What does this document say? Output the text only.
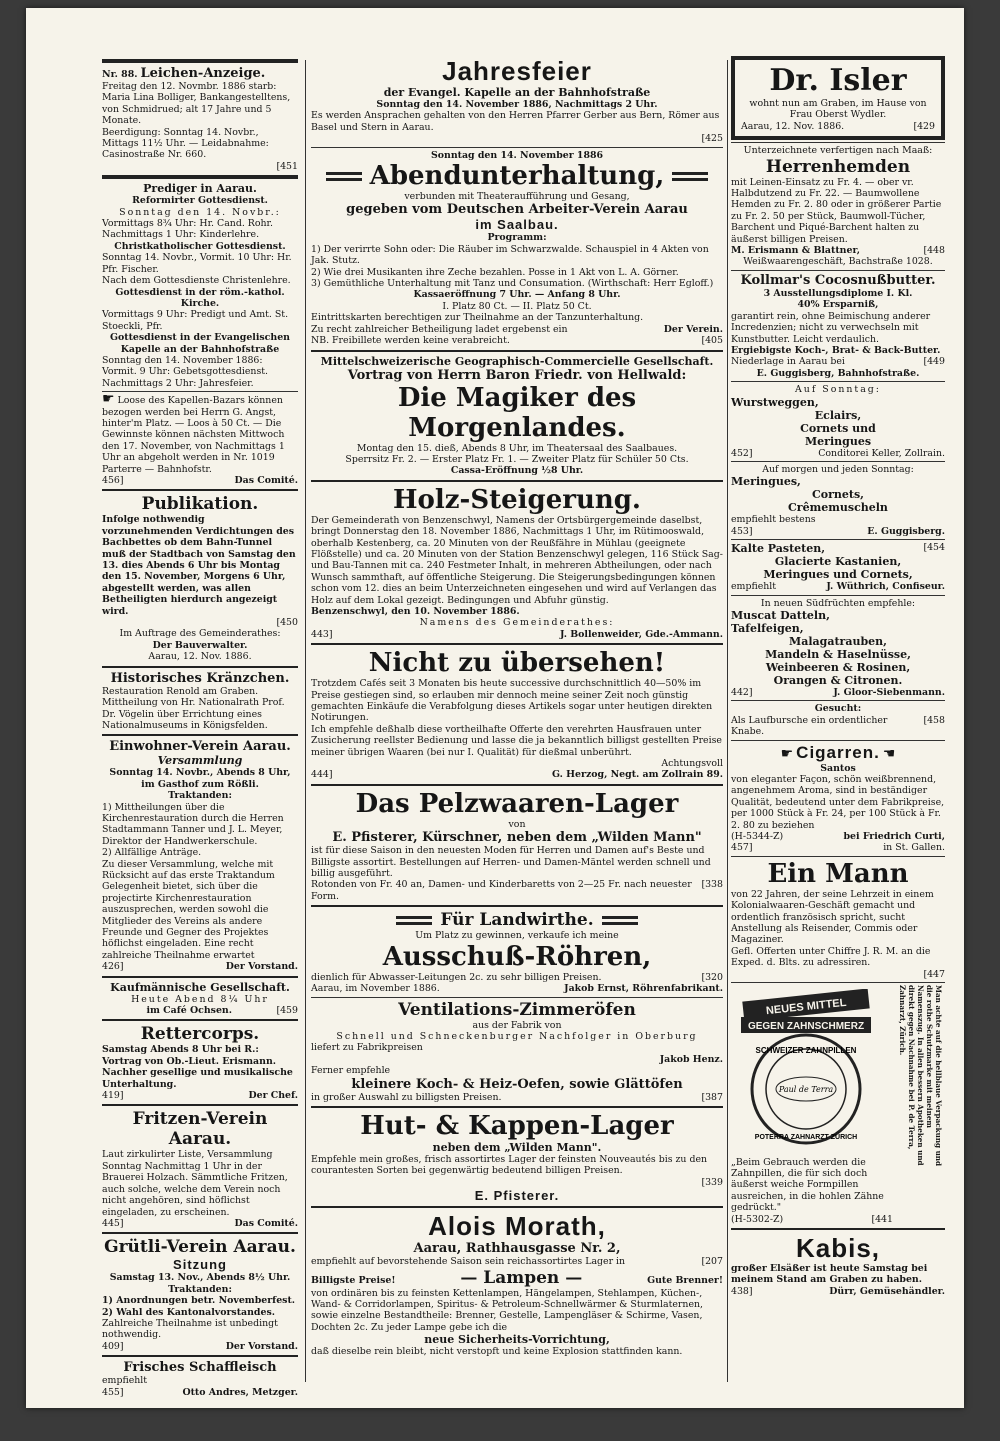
Nr. 88. Leichen-Anzeige.
Freitag den 12. Novmbr. 1886 starb: Maria Lina Bolliger, Bankangestelltens, von Schmidrued; alt 17 Jahre und 5 Monate.
Beerdigung: Sonntag 14. Novbr., Mittags 11½ Uhr. — Leidabnahme: Casinostraße Nr. 660.
[451
Prediger in Aarau.
Reformirter Gottesdienst.
Sonntag den 14. Novbr.:
Vormittags 8¾ Uhr: Hr. Cand. Rohr.
Nachmittags 1 Uhr: Kinderlehre.
Christkatholischer Gottesdienst.
Sonntag 14. Novbr., Vormit. 10 Uhr: Hr. Pfr. Fischer.
Nach dem Gottesdienste Christenlehre.
Gottesdienst in der röm.-kathol. Kirche.
Vormittags 9 Uhr: Predigt und Amt. St. Stoeckli, Pfr.
Gottesdienst in der Evangelischen Kapelle an der Bahnhofstraße
Sonntag den 14. November 1886:
Vormit. 9 Uhr: Gebetsgottesdienst.
Nachmittags 2 Uhr: Jahresfeier.
☛ Loose des Kapellen-Bazars können bezogen werden bei Herrn G. Angst, hinter'm Platz. — Loos à 50 Ct. — Die Gewinnste können nächsten Mittwoch den 17. November, von Nachmittags 1 Uhr an abgeholt werden in Nr. 1019 Parterre — Bahnhofstr.
456]	Das Comité.
Publikation.
Infolge nothwendig vorzunehmenden Verdichtungen des Bachbettes ob dem Bahn-Tunnel muß der Stadtbach von Samstag den 13. dies Abends 6 Uhr bis Montag den 15. November, Morgens 6 Uhr, abgestellt werden, was allen Betheiligten hierdurch angezeigt wird.
[450
Im Auftrage des Gemeinderathes:
Der Bauverwalter.
Aarau, 12. Nov. 1886.
Historisches Kränzchen.
Restauration Renold am Graben. Mittheilung von Hr. Nationalrath Prof. Dr. Vögelin über Errichtung eines Nationalmuseums in Königsfelden.
Einwohner-Verein Aarau.
Versammlung
Sonntag 14. Novbr., Abends 8 Uhr, im Gasthof zum Rößli.
Traktanden:
1) Mittheilungen über die Kirchenrestauration durch die Herren Stadtammann Tanner und J. L. Meyer, Direktor der Handwerkerschule.
2) Allfällige Anträge.
Zu dieser Versammlung, welche mit Rücksicht auf das erste Traktandum Gelegenheit bietet, sich über die projectirte Kirchenrestauration auszusprechen, werden sowohl die Mitglieder des Vereins als andere Freunde und Gegner des Projektes höflichst eingeladen. Eine recht zahlreiche Theilnahme erwartet
426]	Der Vorstand.
Kaufmännische Gesellschaft.
Heute Abend 8¼ Uhr
im Café Ochsen.	[459
Rettercorps.
Samstag Abends 8 Uhr bei R.: Vortrag von Ob.-Lieut. Erismann. Nachher gesellige und musikalische Unterhaltung.
419]	Der Chef.
Fritzen-Verein Aarau.
Laut zirkulirter Liste, Versammlung Sonntag Nachmittag 1 Uhr in der Brauerei Holzach. Sämmtliche Fritzen, auch solche, welche dem Verein noch nicht angehören, sind höflichst eingeladen, zu erscheinen.
445]	Das Comité.
Grütli-Verein Aarau.
Sitzung
Samstag 13. Nov., Abends 8½ Uhr.
Traktanden:
1) Anordnungen betr. Novemberfest.
2) Wahl des Kantonalvorstandes.
Zahlreiche Theilnahme ist unbedingt nothwendig.
409]	Der Vorstand.
Frisches Schaffleisch
empfiehlt
455]	Otto Andres, Metzger.
Jahresfeier
der Evangel. Kapelle an der Bahnhofstraße
Sonntag den 14. November 1886, Nachmittags 2 Uhr.
Es werden Ansprachen gehalten von den Herren Pfarrer Gerber aus Bern, Römer aus Basel und Stern in Aarau.
[425
Sonntag den 14. November 1886
Abendunterhaltung,
verbunden mit Theateraufführung und Gesang,
gegeben vom Deutschen Arbeiter-Verein Aarau
im Saalbau.
Programm:
1) Der verirrte Sohn oder: Die Räuber im Schwarzwalde. Schauspiel in 4 Akten von Jak. Stutz.
2) Wie drei Musikanten ihre Zeche bezahlen. Posse in 1 Akt von L. A. Görner.
3) Gemüthliche Unterhaltung mit Tanz und Consumation. (Wirthschaft: Herr Egloff.)
Kassaeröffnung 7 Uhr. — Anfang 8 Uhr.
I. Platz 80 Ct. — II. Platz 50 Ct.
Eintrittskarten berechtigen zur Theilnahme an der Tanzunterhaltung.
Zu recht zahlreicher Betheiligung ladet ergebenst ein	Der Verein.
NB. Freibillete werden keine verabreicht.	[405
Mittelschweizerische Geographisch-Commercielle Gesellschaft.
Vortrag von Herrn Baron Friedr. von Hellwald:
Die Magiker des Morgenlandes.
Montag den 15. dieß, Abends 8 Uhr, im Theatersaal des Saalbaues.
Sperrsitz Fr. 2. — Erster Platz Fr. 1. — Zweiter Platz für Schüler 50 Cts.
Cassa-Eröffnung ½8 Uhr.
Holz-Steigerung.
Der Gemeinderath von Benzenschwyl, Namens der Ortsbürgergemeinde daselbst, bringt Donnerstag den 18. November 1886, Nachmittags 1 Uhr, im Rütimooswald, oberhalb Kestenberg, ca. 20 Minuten von der Reußfähre in Mühlau (geeignete Flößstelle) und ca. 20 Minuten von der Station Benzenschwyl gelegen, 116 Stück Sag- und Bau-Tannen mit ca. 240 Festmeter Inhalt, in mehreren Abtheilungen, oder nach Wunsch sammthaft, auf öffentliche Steigerung. Die Steigerungsbedingungen können schon vom 12. dies an beim Unterzeichneten eingesehen und wird auf Verlangen das Holz auf dem Lokal gezeigt. Bedingungen und Abfuhr günstig.
Benzenschwyl, den 10. November 1886.
Namens des Gemeinderathes:
443]	J. Bollenweider, Gde.-Ammann.
Nicht zu übersehen!
Trotzdem Cafés seit 3 Monaten bis heute successive durchschnittlich 40—50% im Preise gestiegen sind, so erlauben mir dennoch meine seiner Zeit noch günstig gemachten Einkäufe die Verabfolgung dieses Artikels sogar unter heutigen direkten Notirungen.
Ich empfehle deßhalb diese vortheilhafte Offerte den verehrten Hausfrauen unter Zusicherung reellster Bedienung und lasse die ja bekanntlich billigst gestellten Preise meiner übrigen Waaren (bei nur I. Qualität) für dießmal unberührt.
Achtungsvoll
444]	G. Herzog, Negt. am Zollrain 89.
Das Pelzwaaren-Lager
von
E. Pfisterer, Kürschner, neben dem „Wilden Mann"
ist für diese Saison in den neuesten Moden für Herren und Damen auf's Beste und Billigste assortirt. Bestellungen auf Herren- und Damen-Mäntel werden schnell und billig ausgeführt.
Rotonden von Fr. 40 an, Damen- und Kinderbaretts von 2—25 Fr. nach neuester Form.
[338
Für Landwirthe.
Um Platz zu gewinnen, verkaufe ich meine
Ausschuß-Röhren,
dienlich für Abwasser-Leitungen 2c. zu sehr billigen Preisen.	[320
Aarau, im November 1886.	Jakob Ernst, Röhrenfabrikant.
Ventilations-Zimmeröfen
aus der Fabrik von
Schnell und Schneckenburger Nachfolger in Oberburg
liefert zu Fabrikpreisen
Jakob Henz.
Ferner empfehle
kleinere Koch- & Heiz-Oefen, sowie Glättöfen
in großer Auswahl zu billigsten Preisen.	[387
Hut- & Kappen-Lager
neben dem „Wilden Mann".
Empfehle mein großes, frisch assortirtes Lager der feinsten Nouveautés bis zu den courantesten Sorten bei gegenwärtig bedeutend billigen Preisen.
[339
E. Pfisterer.
Alois Morath,
Aarau, Rathhausgasse Nr. 2,
empfiehlt auf bevorstehende Saison sein reichassortirtes Lager in	[207
Billigste Preise!	— Lampen —	Gute Brenner!
von ordinären bis zu feinsten Kettenlampen, Hängelampen, Stehlampen, Küchen-, Wand- & Corridorlampen, Spiritus- & Petroleum-Schnellwärmer & Sturmlaternen, sowie einzelne Bestandtheile: Brenner, Gestelle, Lampengläser & Schirme, Vasen, Dochten 2c. Zu jeder Lampe gebe ich die
neue Sicherheits-Vorrichtung,
daß dieselbe rein bleibt, nicht verstopft und keine Explosion stattfinden kann.
Dr. Isler
wohnt nun am Graben, im Hause von Frau Oberst Wydler.
Aarau, 12. Nov. 1886.	[429
Unterzeichnete verfertigen nach Maaß:
Herrenhemden
mit Leinen-Einsatz zu Fr. 4. — ober vr. Halbdutzend zu Fr. 22. — Baumwollene Hemden zu Fr. 2. 80 oder in größerer Partie zu Fr. 2. 50 per Stück, Baumwoll-Tücher, Barchent und Piqué-Barchent halten zu äußerst billigen Preisen.
M. Erismann & Blattner,	[448
Weißwaarengeschäft, Bachstraße 1028.
Kollmar's Cocosnußbutter.
3 Ausstellungsdiplome I. Kl.
40% Ersparniß,
garantirt rein, ohne Beimischung anderer Incredenzien; nicht zu verwechseln mit Kunstbutter. Leicht verdaulich.
Ergiebigste Koch-, Brat- & Back-Butter.
Niederlage in Aarau bei	[449
E. Guggisberg, Bahnhofstraße.
Auf Sonntag:
Wurstweggen,
Eclairs,
Cornets und
Meringues
452]	Conditorei Keller, Zollrain.
Auf morgen und jeden Sonntag:
Meringues,
Cornets,
Crêmemuscheln
empfiehlt bestens
453]	E. Guggisberg.
Kalte Pasteten,	[454
Glacierte Kastanien,
Meringues und Cornets,
empfiehlt	J. Wüthrich, Confiseur.
In neuen Südfrüchten empfehle:
Muscat Datteln,
Tafelfeigen,
Malagatrauben,
Mandeln & Haselnüsse,
Weinbeeren & Rosinen,
Orangen & Citronen.
442]	J. Gloor-Siebenmann.
Gesucht:
Als Laufbursche ein ordentlicher Knabe.
[458
☛ Cigarren. ☚
Santos
von eleganter Façon, schön weißbrennend, angenehmem Aroma, sind in beständiger Qualität, bedeutend unter dem Fabrikpreise, per 1000 Stück à Fr. 24, per 100 Stück à Fr. 2. 80 zu beziehen
(H-5344-Z)	bei Friedrich Curti,
457]	in St. Gallen.
Ein Mann
von 22 Jahren, der seine Lehrzeit in einem Kolonialwaaren-Geschäft gemacht und ordentlich französisch spricht, sucht Anstellung als Reisender, Commis oder Magaziner.
Gefl. Offerten unter Chiffre J. R. M. an die Exped. d. Blts. zu adressiren.
[447
NEUES MITTEL
GEGEN ZAHNSCHMERZ
SCHWEIZER ZAHNPILLEN
POTERRA ZAHNARZT ZÜRICH
Paul de Terra
„Beim Gebrauch werden die Zahnpillen, die für sich doch äußerst weiche Formpillen ausreichen, in die hohlen Zähne gedrückt."
(H-5302-Z)	[441
Man achte auf die hellblaue Verpackung und die rothe Schutzmarke mit meinem Namenszug. In allen bessern Apotheken und direkt gegen Nachnahme bei P. de Terra, Zahnarzt, Zürich.
Kabis,
großer Elsäßer ist heute Samstag bei meinem Stand am Graben zu haben.
438]	Dürr, Gemüsehändler.
